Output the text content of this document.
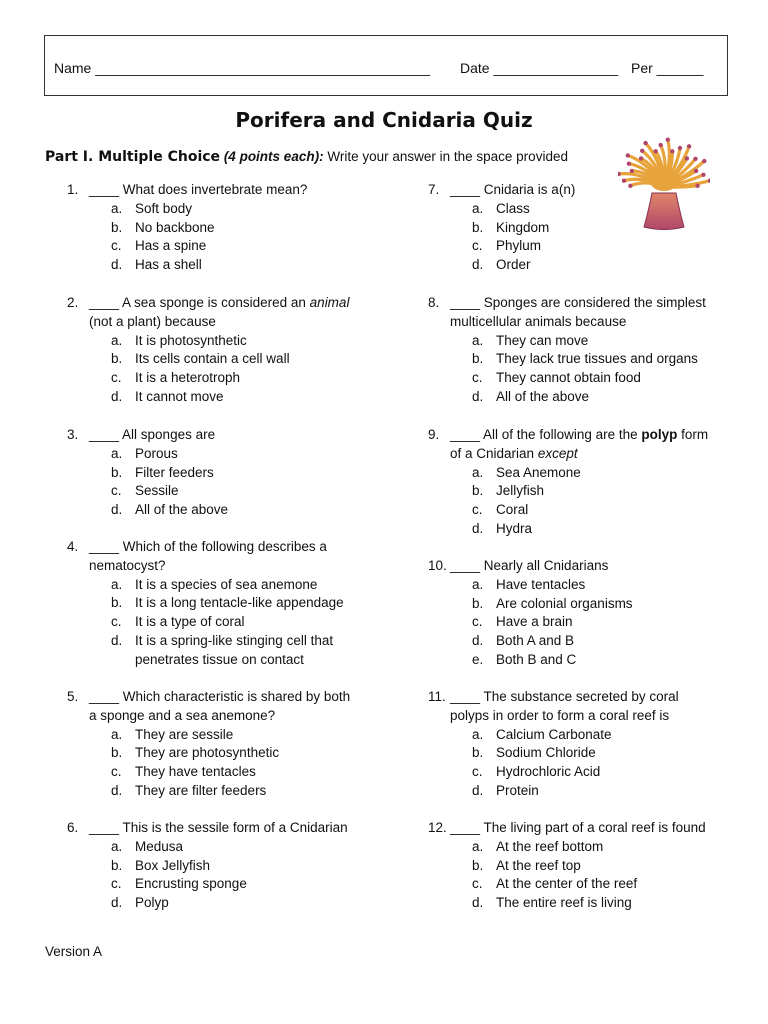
Name ___________________________________________ Date ________________ Per ______
Porifera and Cnidaria Quiz
Part I. Multiple Choice (4 points each): Write your answer in the space provided
1. ____ What does invertebrate mean?
a. Soft body
b. No backbone
c. Has a spine
d. Has a shell
2. ____ A sea sponge is considered an animal
(not a plant) because
a. It is photosynthetic
b. Its cells contain a cell wall
c. It is a heterotroph
d. It cannot move
3. ____ All sponges are
a. Porous
b. Filter feeders
c. Sessile
d. All of the above
4. ____ Which of the following describes a
nematocyst?
a. It is a species of sea anemone
b. It is a long tentacle-like appendage
c. It is a type of coral
d. It is a spring-like stinging cell that penetrates tissue on contact
5. ____ Which characteristic is shared by both
a sponge and a sea anemone?
a. They are sessile
b. They are photosynthetic
c. They have tentacles
d. They are filter feeders
6. ____ This is the sessile form of a Cnidarian
a. Medusa
b. Box Jellyfish
c. Encrusting sponge
d. Polyp
7. ____ Cnidaria is a(n)
a. Class
b. Kingdom
c. Phylum
d. Order
8. ____ Sponges are considered the simplest
multicellular animals because
a. They can move
b. They lack true tissues and organs
c. They cannot obtain food
d. All of the above
9. ____ All of the following are the polyp form
of a Cnidarian except
a. Sea Anemone
b. Jellyfish
c. Coral
d. Hydra
10. ____ Nearly all Cnidarians
a. Have tentacles
b. Are colonial organisms
c. Have a brain
d. Both A and B
e. Both B and C
11. ____ The substance secreted by coral
polyps in order to form a coral reef is
a. Calcium Carbonate
b. Sodium Chloride
c. Hydrochloric Acid
d. Protein
12. ____ The living part of a coral reef is found
a. At the reef bottom
b. At the reef top
c. At the center of the reef
d. The entire reef is living
Version A
